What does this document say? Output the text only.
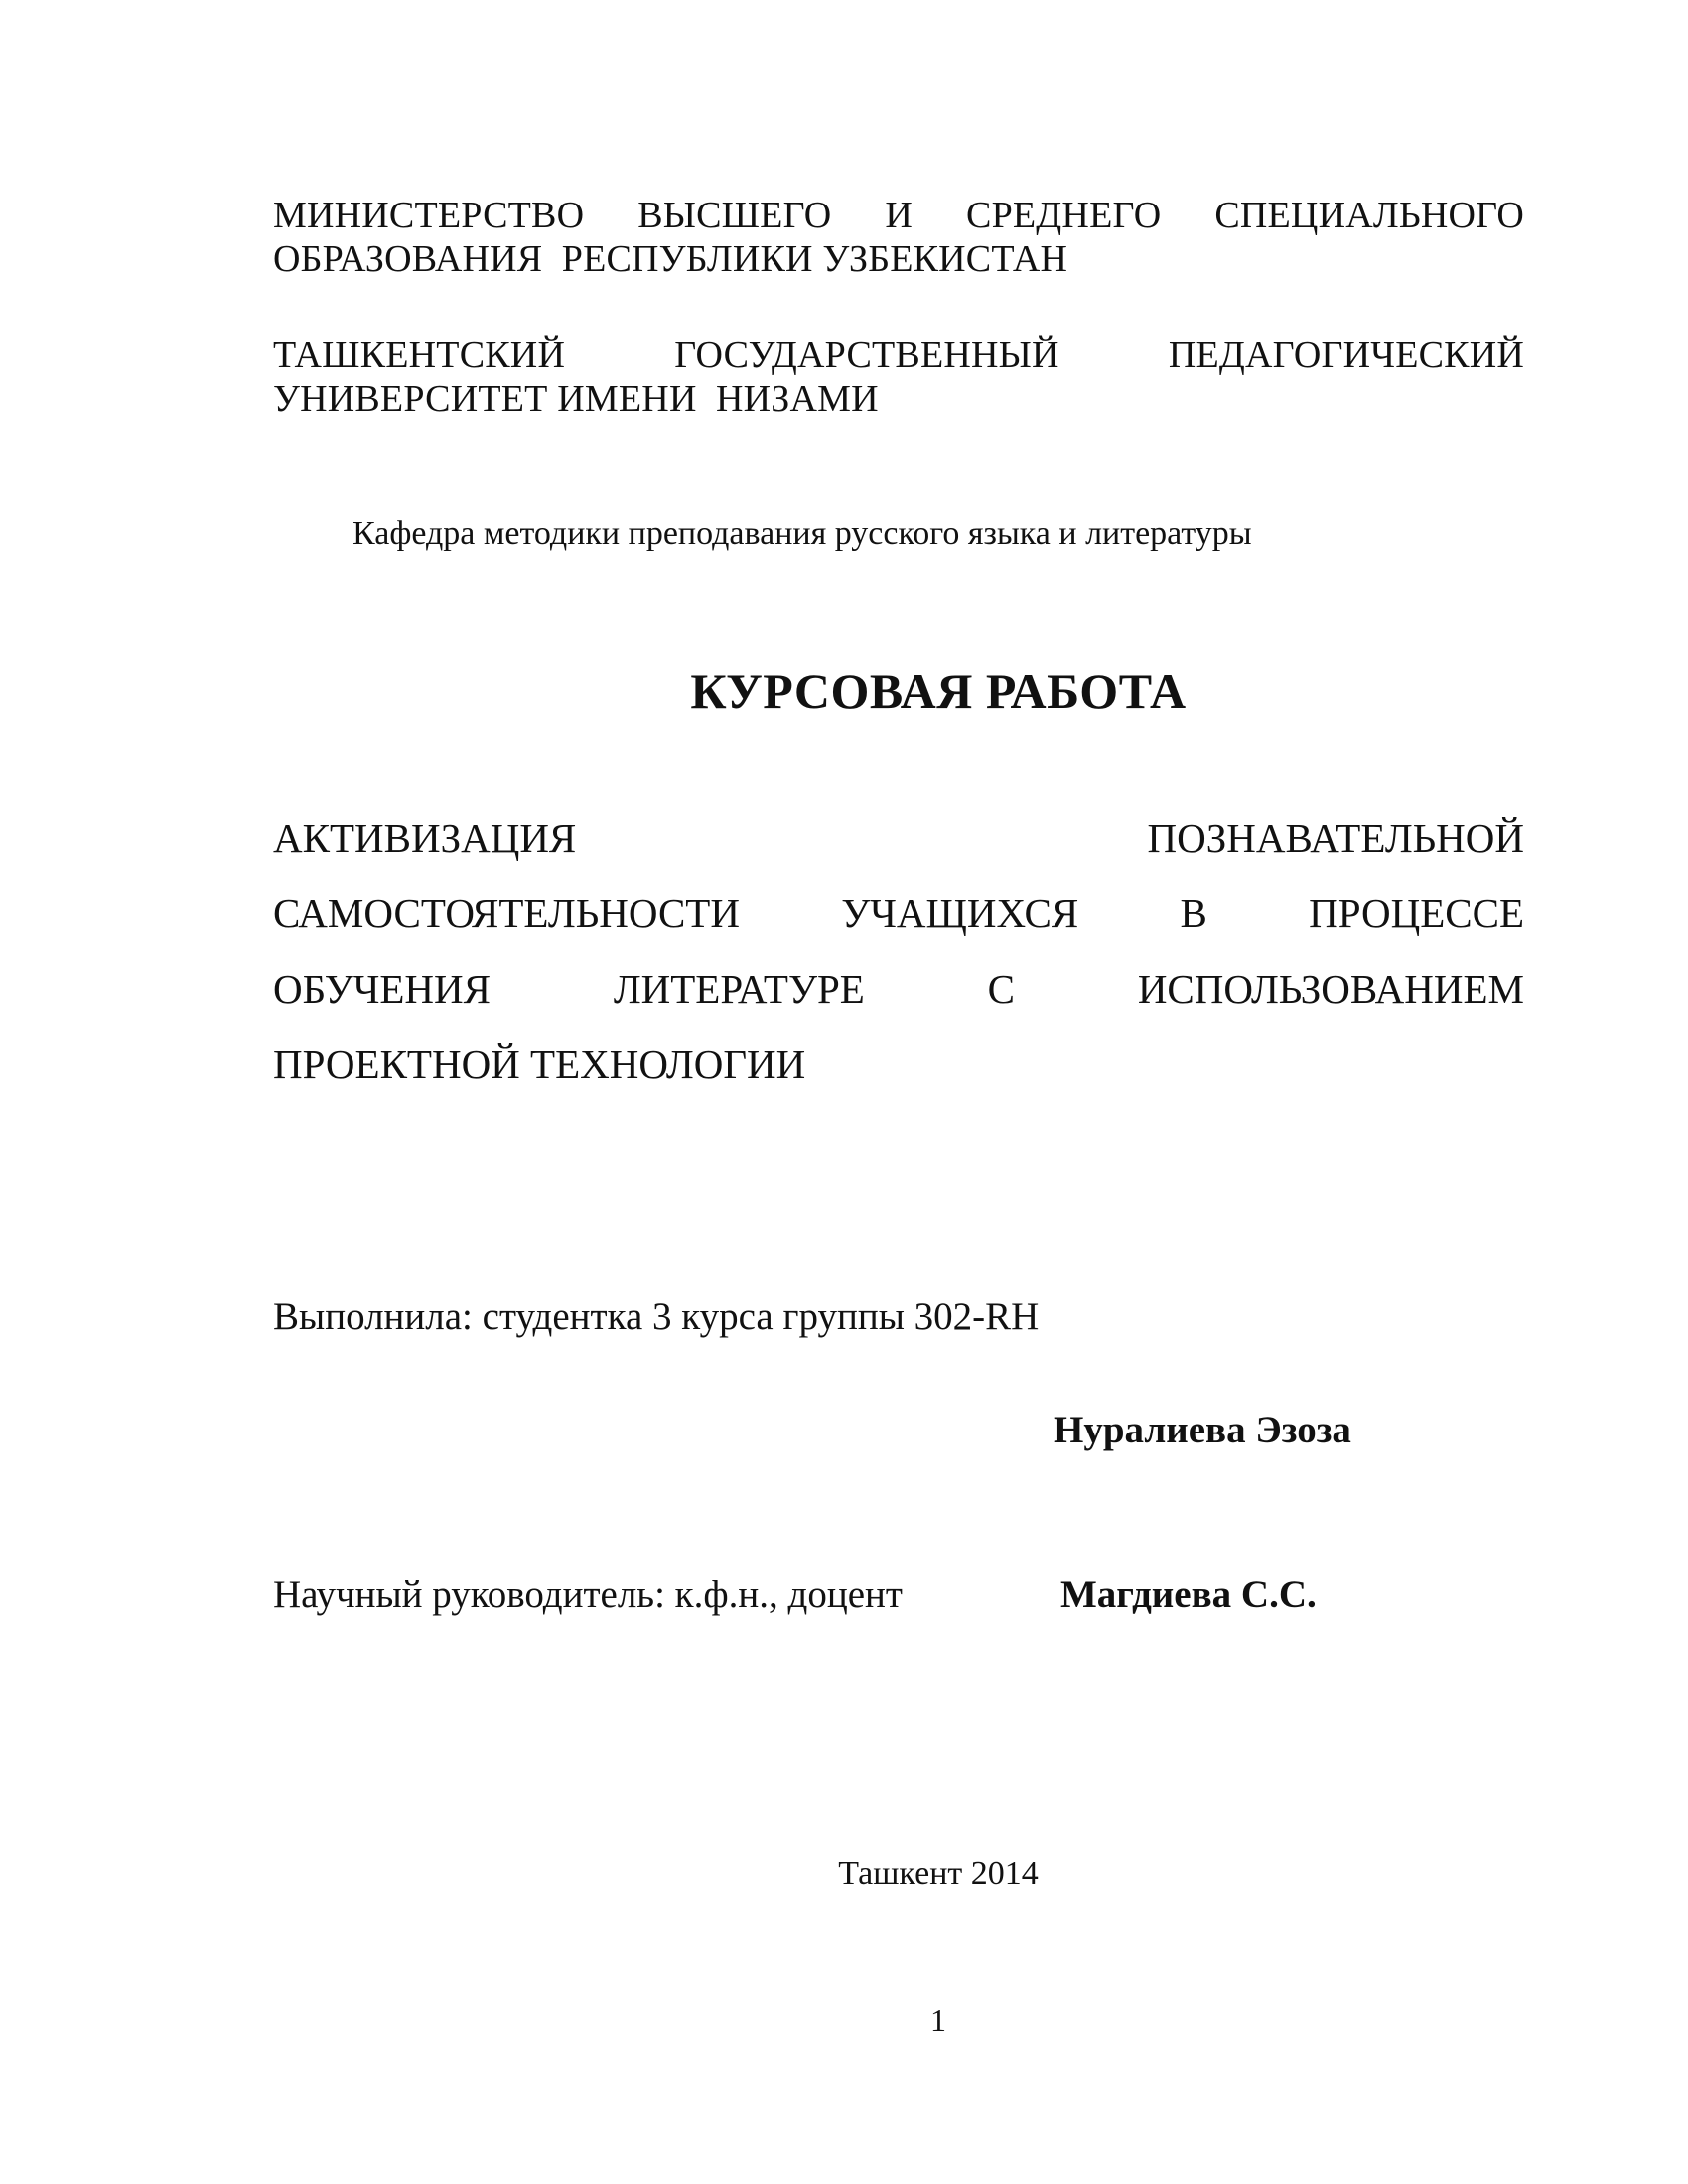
МИНИСТЕРСТВО ВЫСШЕГО И СРЕДНЕГО СПЕЦИАЛЬНОГО
ОБРАЗОВАНИЯ  РЕСПУБЛИКИ УЗБЕКИСТАН
ТАШКЕНТСКИЙ ГОСУДАРСТВЕННЫЙ ПЕДАГОГИЧЕСКИЙ
УНИВЕРСИТЕТ ИМЕНИ  НИЗАМИ
Кафедра методики преподавания русского языка и литературы
КУРСОВАЯ РАБОТА
АКТИВИЗАЦИЯ ПОЗНАВАТЕЛЬНОЙ
САМОСТОЯТЕЛЬНОСТИ УЧАЩИХСЯ В ПРОЦЕССЕ
ОБУЧЕНИЯ ЛИТЕРАТУРЕ С ИСПОЛЬЗОВАНИЕМ
ПРОЕКТНОЙ ТЕХНОЛОГИИ
Выполнила: студентка 3 курса группы 302-RH
Нуралиева Эзоза
Научный руководитель: к.ф.н., доцент	Магдиева С.С.
Ташкент 2014
1
